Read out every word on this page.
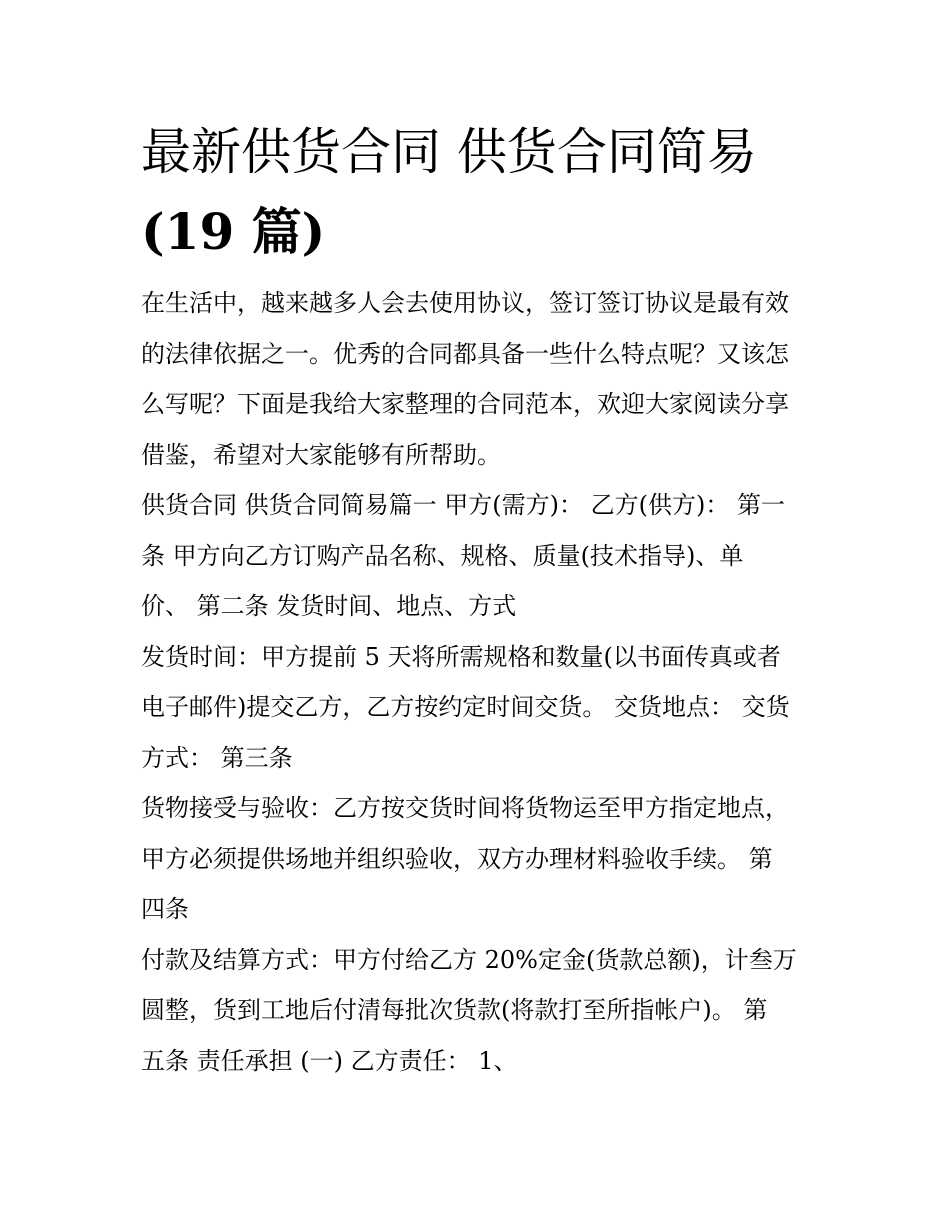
最新供货合同 供货合同简易
(19 篇)

在生活中，越来越多人会去使用协议，签订签订协议是最有效
的法律依据之一。优秀的合同都具备一些什么特点呢？又该怎
么写呢？下面是我给大家整理的合同范本，欢迎大家阅读分享
借鉴，希望对大家能够有所帮助。

供货合同 供货合同简易篇一 甲方(需方)： 乙方(供方)： 第一
条 甲方向乙方订购产品名称、规格、质量(技术指导)、单
价、 第二条 发货时间、地点、方式

发货时间：甲方提前 5 天将所需规格和数量(以书面传真或者
电子邮件)提交乙方，乙方按约定时间交货。 交货地点： 交货
方式： 第三条

货物接受与验收：乙方按交货时间将货物运至甲方指定地点，
甲方必须提供场地并组织验收，双方办理材料验收手续。 第
四条

付款及结算方式：甲方付给乙方 20%定金(货款总额)，计叁万
圆整，货到工地后付清每批次货款(将款打至所指帐户)。 第
五条 责任承担 (一) 乙方责任： 1、
